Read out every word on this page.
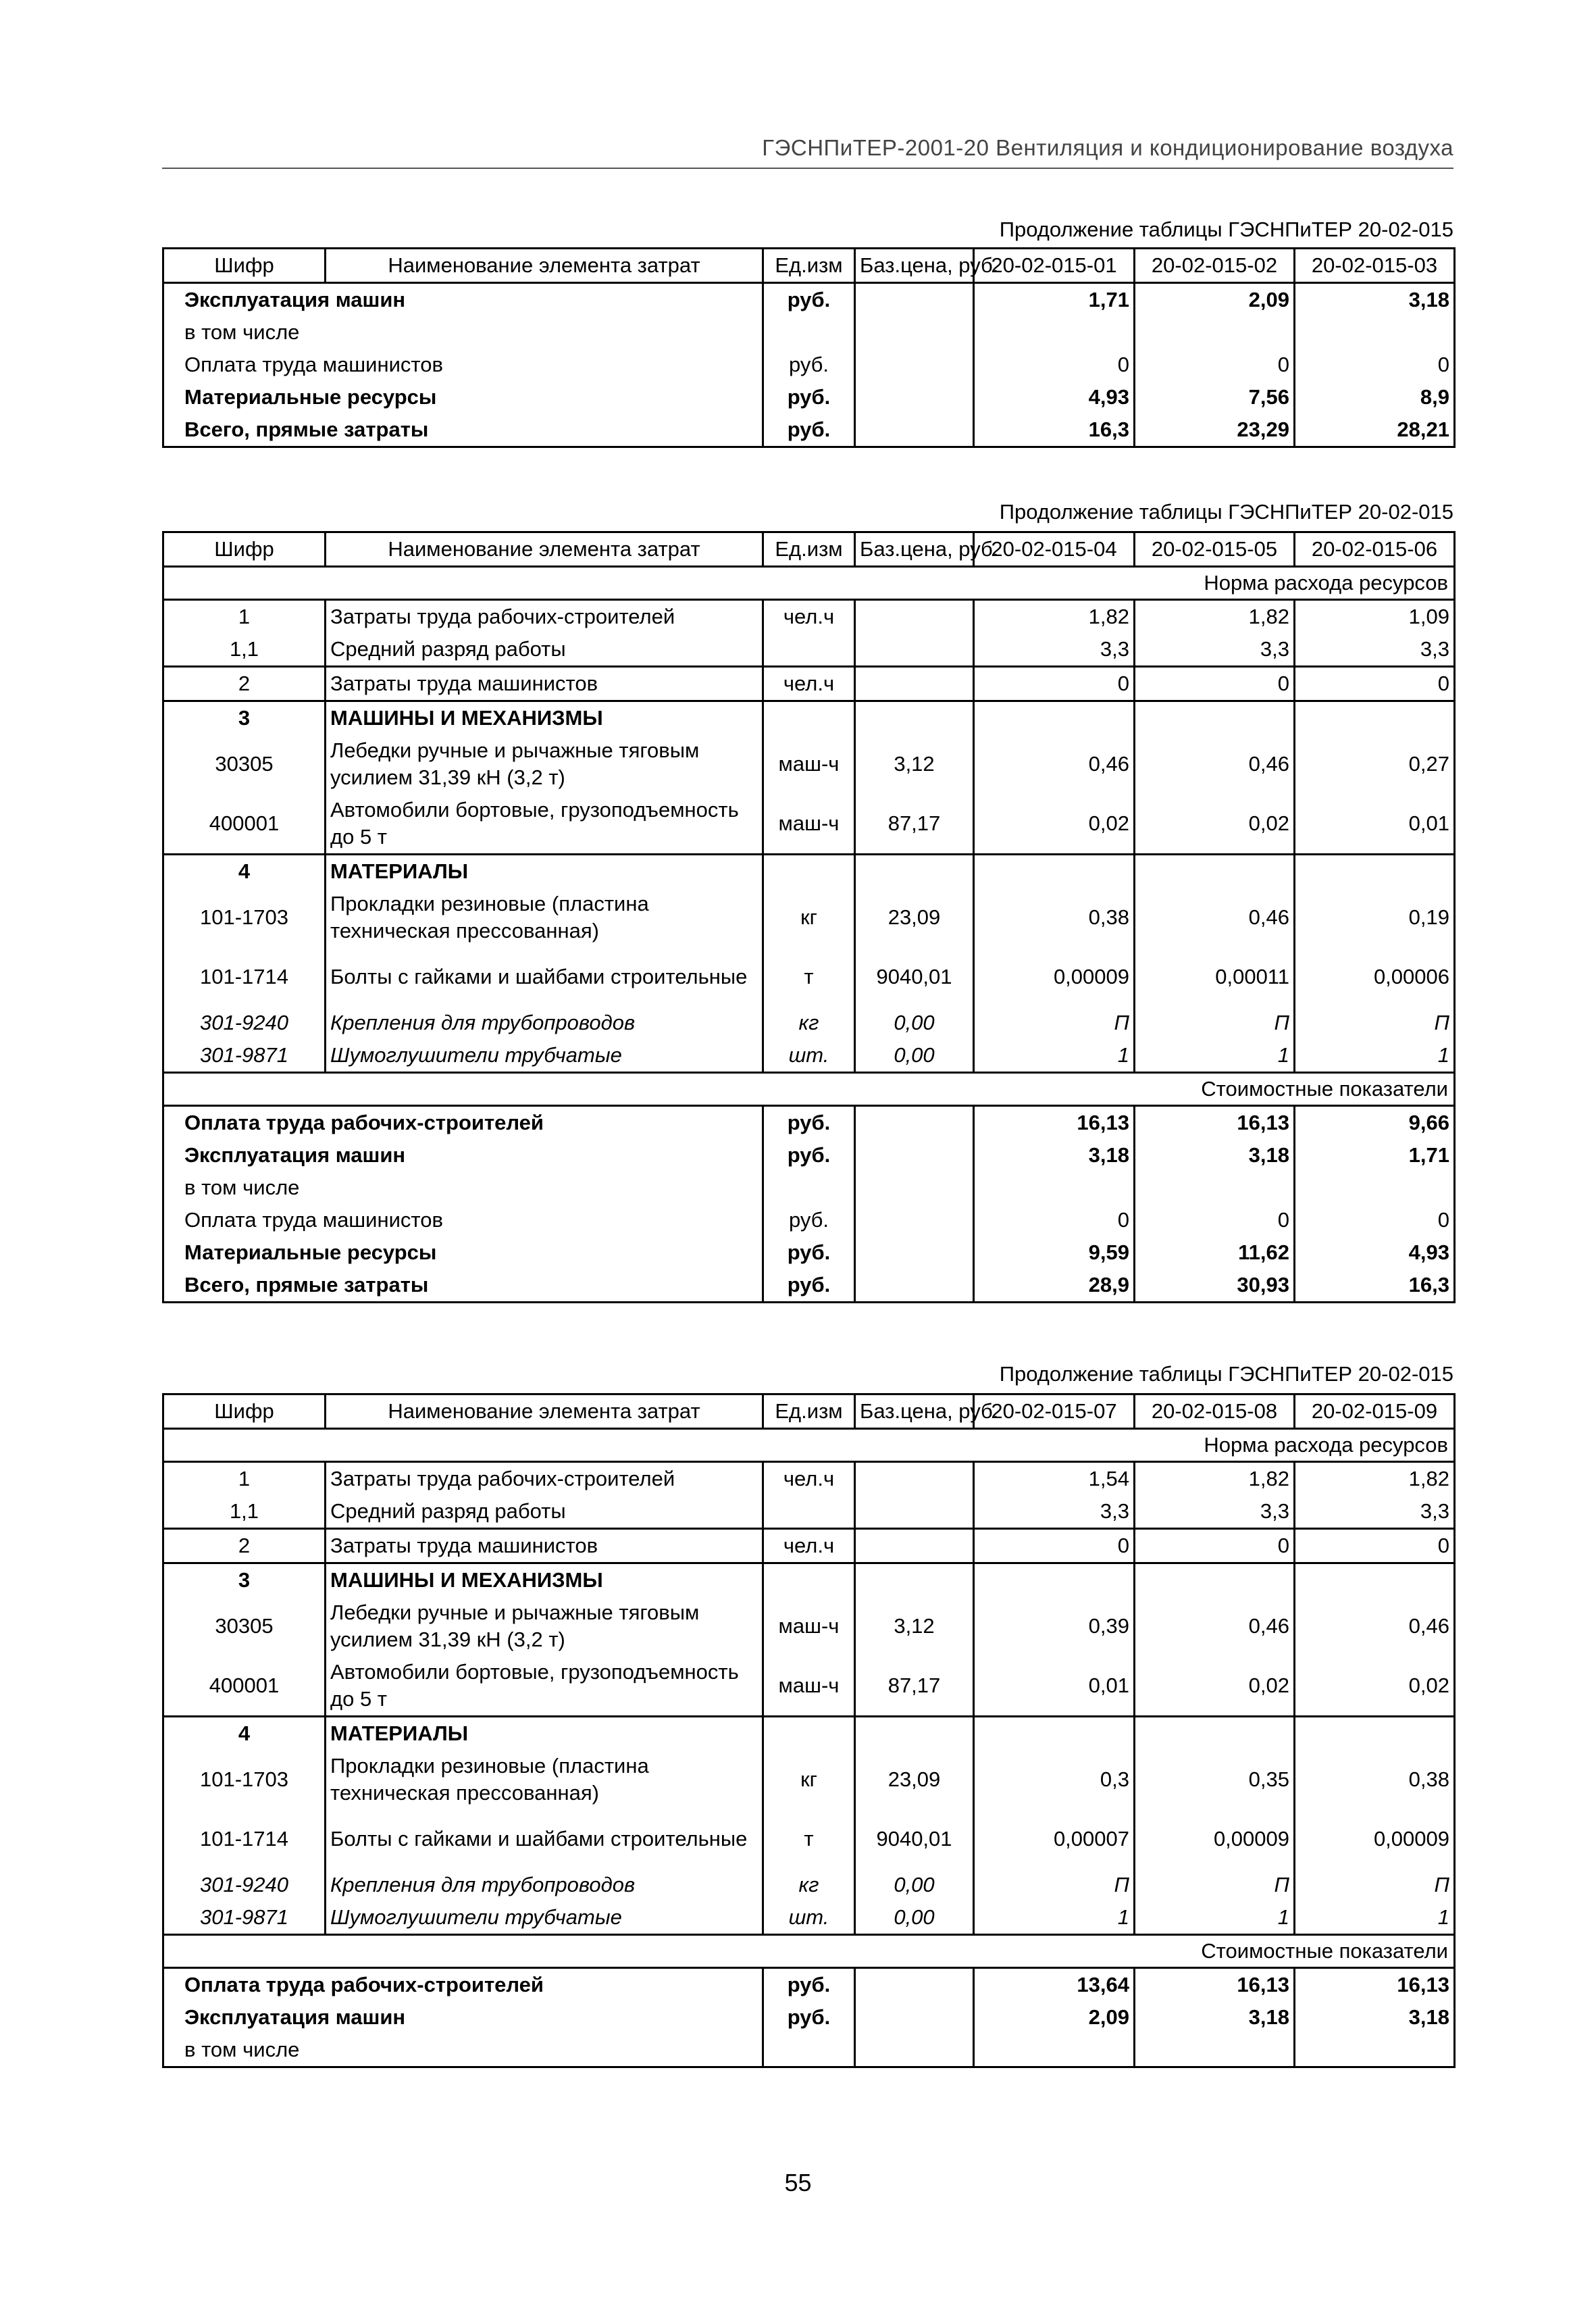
ГЭСНПиТЕР-2001-20 Вентиляция и кондиционирование воздуха
Продолжение таблицы ГЭСНПиТЕР 20-02-015
Шифр	Наименование элемента затрат	Ед.изм	Баз.цена, руб.	20-02-015-01	20-02-015-02	20-02-015-03
Эксплуатация машин		руб.		1,71	2,09	3,18
в том числе						
Оплата труда машинистов		руб.		0	0	0
Материальные ресурсы		руб.		4,93	7,56	8,9
Всего, прямые затраты		руб.		16,3	23,29	28,21
Продолжение таблицы ГЭСНПиТЕР 20-02-015
Шифр	Наименование элемента затрат	Ед.изм	Баз.цена, руб.	20-02-015-04	20-02-015-05	20-02-015-06
Норма расхода ресурсов						
1	Затраты труда рабочих-строителей	чел.ч		1,82	1,82	1,09
1,1	Средний разряд работы			3,3	3,3	3,3
2	Затраты труда машинистов	чел.ч		0	0	0
3	МАШИНЫ И МЕХАНИЗМЫ					
30305	Лебедки ручные и рычажные тяговым усилием 31,39 кН (3,2 т)	маш-ч	3,12	0,46	0,46	0,27
400001	Автомобили бортовые, грузоподъемность до 5 т	маш-ч	87,17	0,02	0,02	0,01
4	МАТЕРИАЛЫ					
101-1703	Прокладки резиновые (пластина техническая прессованная)	кг	23,09	0,38	0,46	0,19
101-1714	Болты с гайками и шайбами строительные	т	9040,01	0,00009	0,00011	0,00006
301-9240	Крепления для трубопроводов	кг	0,00	П	П	П
301-9871	Шумоглушители трубчатые	шт.	0,00	1	1	1
Стоимостные показатели						
Оплата труда рабочих-строителей		руб.		16,13	16,13	9,66
Эксплуатация машин		руб.		3,18	3,18	1,71
в том числе						
Оплата труда машинистов		руб.		0	0	0
Материальные ресурсы		руб.		9,59	11,62	4,93
Всего, прямые затраты		руб.		28,9	30,93	16,3
Продолжение таблицы ГЭСНПиТЕР 20-02-015
Шифр	Наименование элемента затрат	Ед.изм	Баз.цена, руб.	20-02-015-07	20-02-015-08	20-02-015-09
Норма расхода ресурсов						
1	Затраты труда рабочих-строителей	чел.ч		1,54	1,82	1,82
1,1	Средний разряд работы			3,3	3,3	3,3
2	Затраты труда машинистов	чел.ч		0	0	0
3	МАШИНЫ И МЕХАНИЗМЫ					
30305	Лебедки ручные и рычажные тяговым усилием 31,39 кН (3,2 т)	маш-ч	3,12	0,39	0,46	0,46
400001	Автомобили бортовые, грузоподъемность до 5 т	маш-ч	87,17	0,01	0,02	0,02
4	МАТЕРИАЛЫ					
101-1703	Прокладки резиновые (пластина техническая прессованная)	кг	23,09	0,3	0,35	0,38
101-1714	Болты с гайками и шайбами строительные	т	9040,01	0,00007	0,00009	0,00009
301-9240	Крепления для трубопроводов	кг	0,00	П	П	П
301-9871	Шумоглушители трубчатые	шт.	0,00	1	1	1
Стоимостные показатели						
Оплата труда рабочих-строителей		руб.		13,64	16,13	16,13
Эксплуатация машин		руб.		2,09	3,18	3,18
в том числе						
55
